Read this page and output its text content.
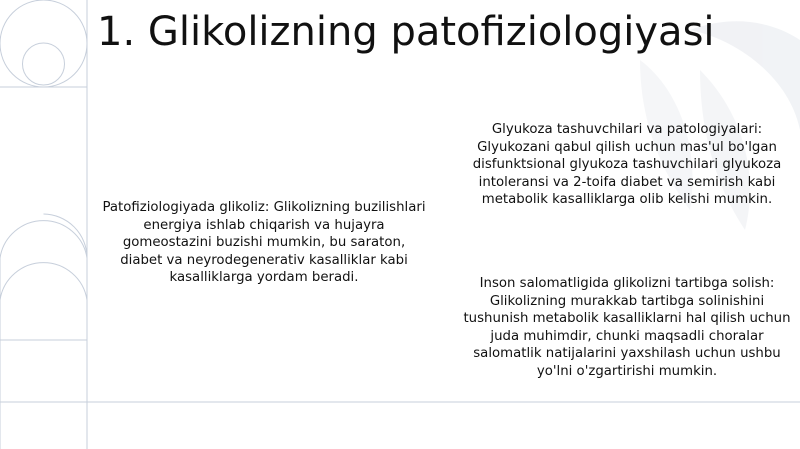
1. Glikolizning patofiziologiyasi
Patofiziologiyada glikoliz: Glikolizning buzilishlari energiya ishlab chiqarish va hujayra gomeostazini buzishi mumkin, bu saraton, diabet va neyrodegenerativ kasalliklar kabi kasalliklarga yordam beradi.
Glyukoza tashuvchilari va patologiyalari: Glyukozani qabul qilish uchun mas'ul bo'lgan disfunktsional glyukoza tashuvchilari glyukoza intoleransi va 2-toifa diabet va semirish kabi metabolik kasalliklarga olib kelishi mumkin.
Inson salomatligida glikolizni tartibga solish: Glikolizning murakkab tartibga solinishini tushunish metabolik kasalliklarni hal qilish uchun juda muhimdir, chunki maqsadli choralar salomatlik natijalarini yaxshilash uchun ushbu yo'lni o'zgartirishi mumkin.
